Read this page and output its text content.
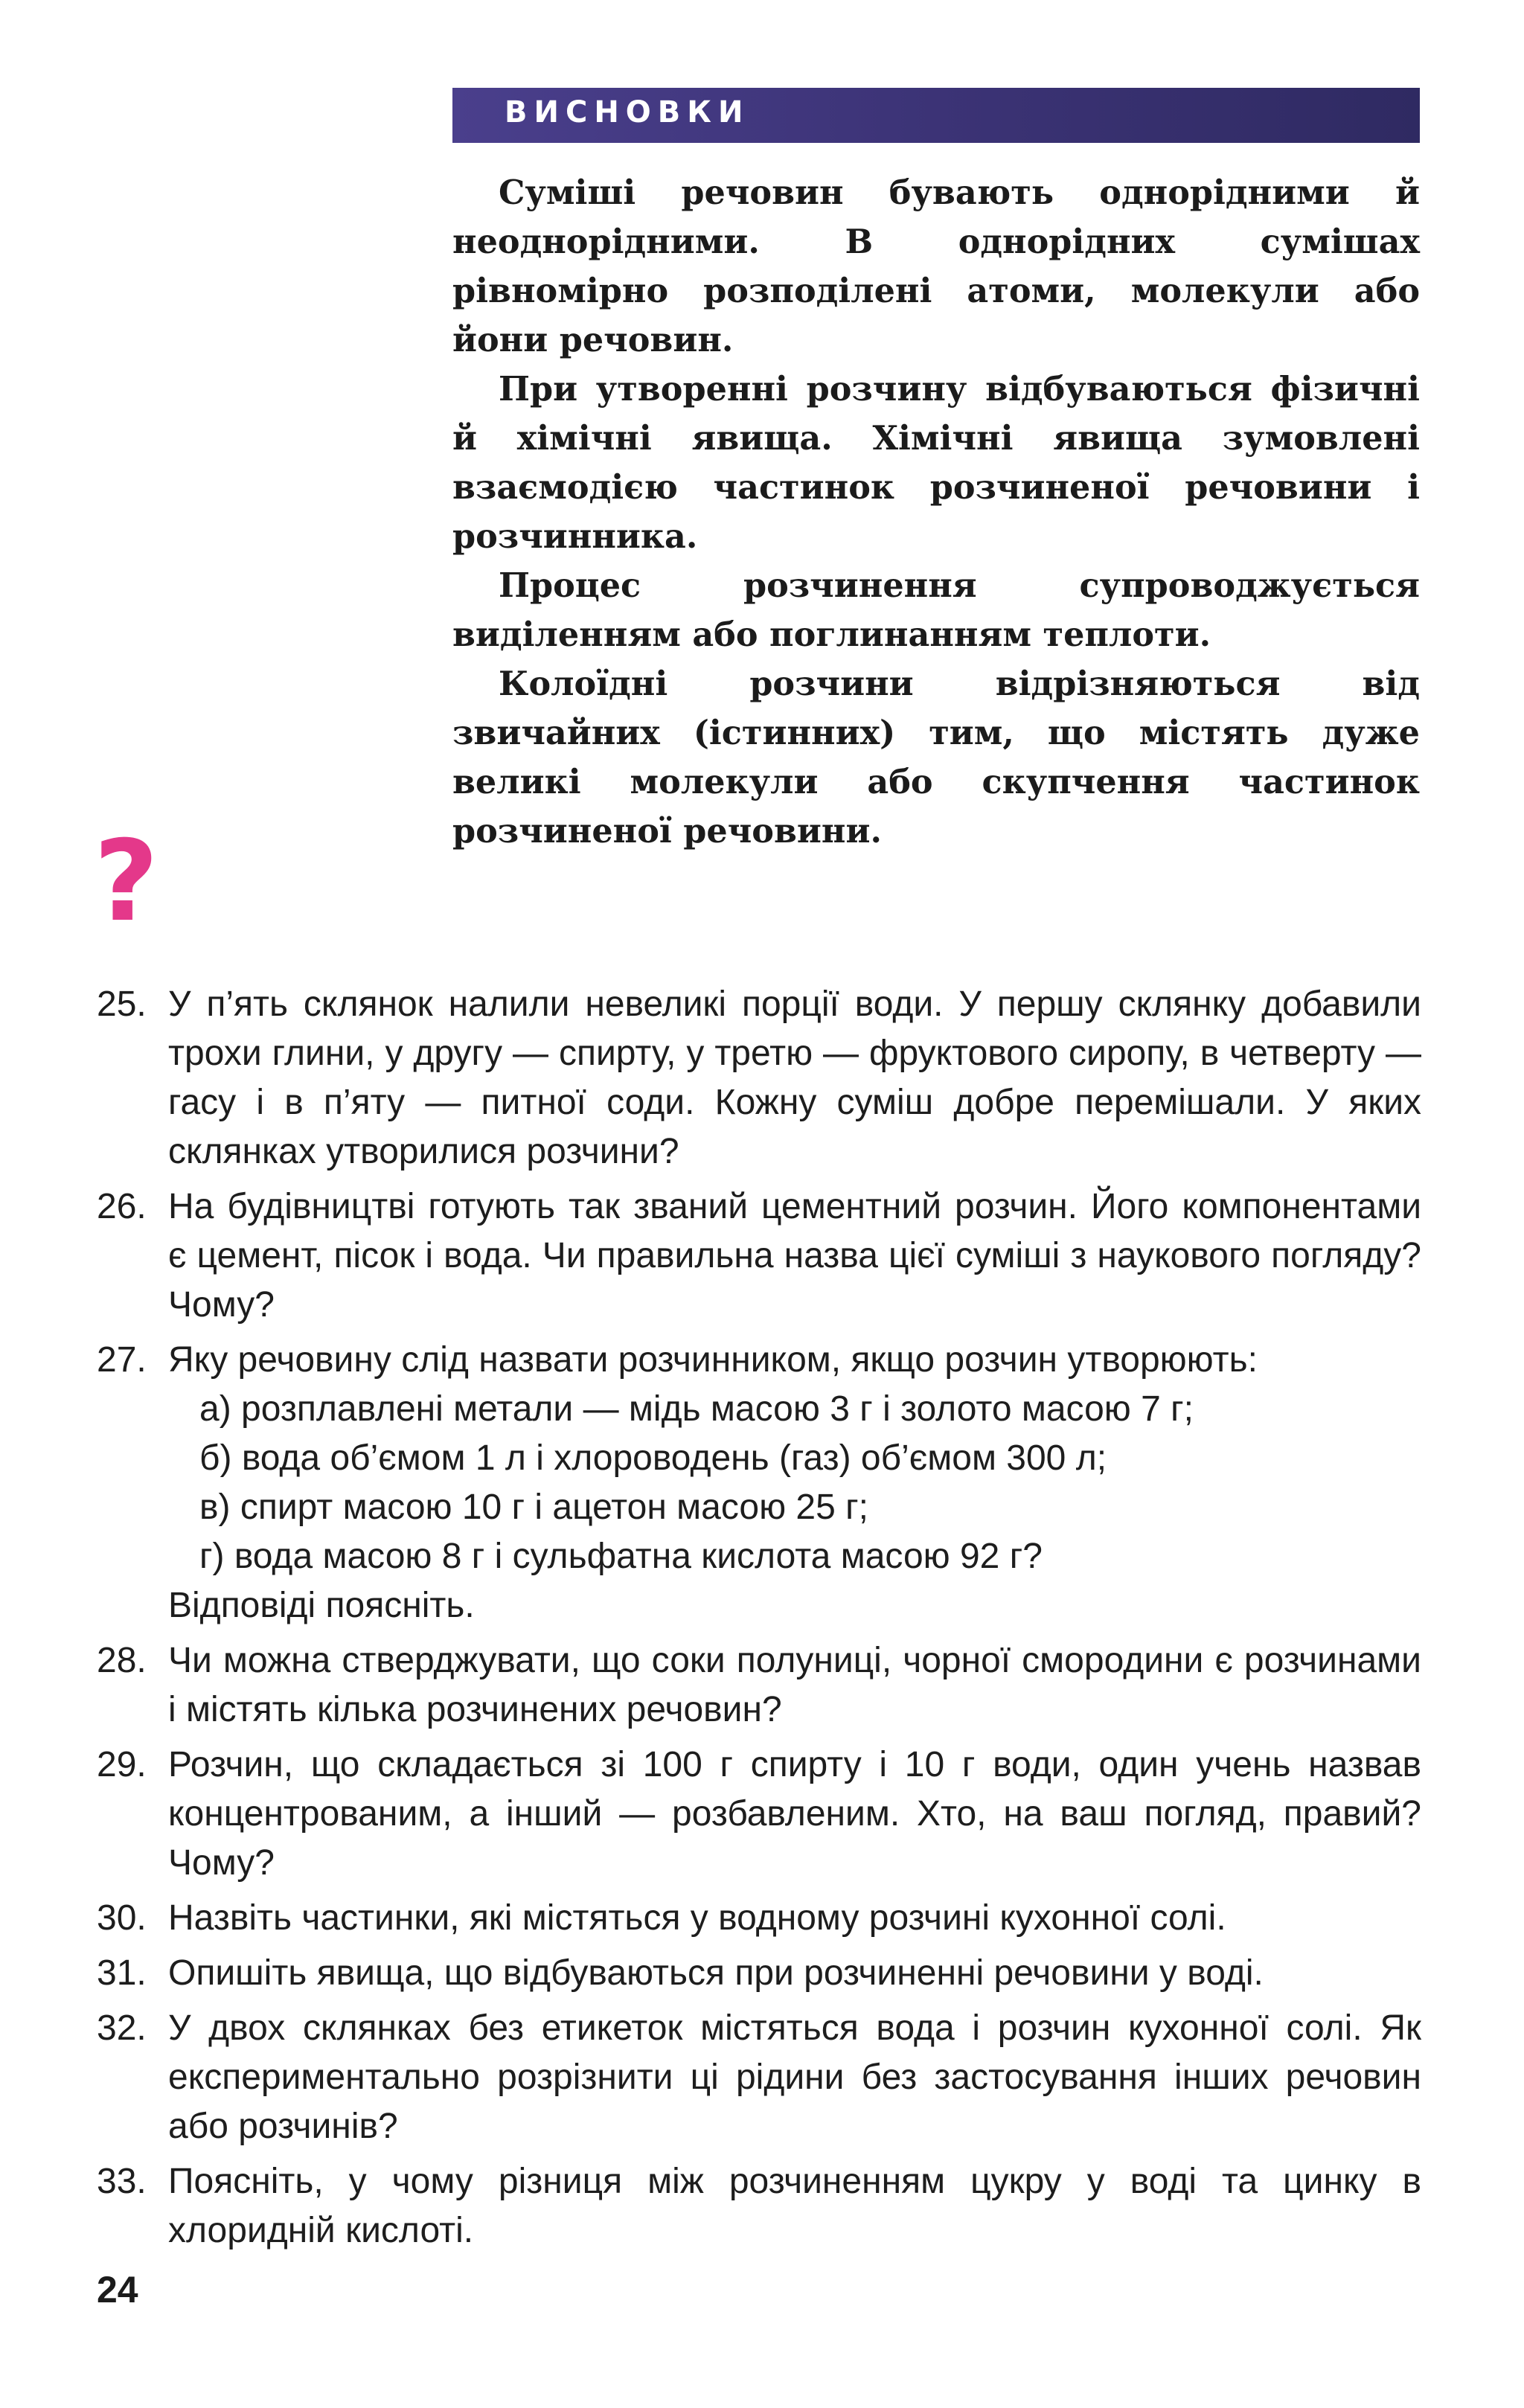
ВИСНОВКИ

Суміші речовин бувають однорідними й неоднорідними. В однорідних сумішах рівномірно розподілені атоми, молекули або йони речовин.

При утворенні розчину відбуваються фізичні й хімічні явища. Хімічні явища зумовлені взаємодією частинок розчиненої речовини і розчинника.

Процес розчинення супроводжується виділенням або поглинанням теплоти.

Колоїдні розчини відрізняються від звичайних (істинних) тим, що містять дуже великі молекули або скупчення частинок розчиненої речовини.

?
25. У п’ять склянок налили невеликі порції води. У першу склянку добавили трохи глини, у другу — спирту, у третю — фруктового сиропу, в четверту — гасу і в п’яту — питної соди. Кожну суміш добре перемішали. У яких склянках утворилися розчини?
26. На будівництві готують так званий цементний розчин. Його компонентами є цемент, пісок і вода. Чи правильна назва цієї суміші з наукового погляду? Чому?
27. Яку речовину слід назвати розчинником, якщо розчин утворюють:
а) розплавлені метали — мідь масою 3 г і золото масою 7 г;
б) вода об’ємом 1 л і хлороводень (газ) об’ємом 300 л;
в) спирт масою 10 г і ацетон масою 25 г;
г) вода масою 8 г і сульфатна кислота масою 92 г?
Відповіді поясніть.
28. Чи можна стверджувати, що соки полуниці, чорної смородини є розчинами і містять кілька розчинених речовин?
29. Розчин, що складається зі 100 г спирту і 10 г води, один учень назвав концентрованим, а інший — розбавленим. Хто, на ваш погляд, правий? Чому?
30. Назвіть частинки, які містяться у водному розчині кухонної солі.
31. Опишіть явища, що відбуваються при розчиненні речовини у воді.
32. У двох склянках без етикеток містяться вода і розчин кухонної солі. Як експериментально розрізнити ці рідини без застосування інших речовин або розчинів?
33. Поясніть, у чому різниця між розчиненням цукру у воді та цинку в хлоридній кислоті.
24
